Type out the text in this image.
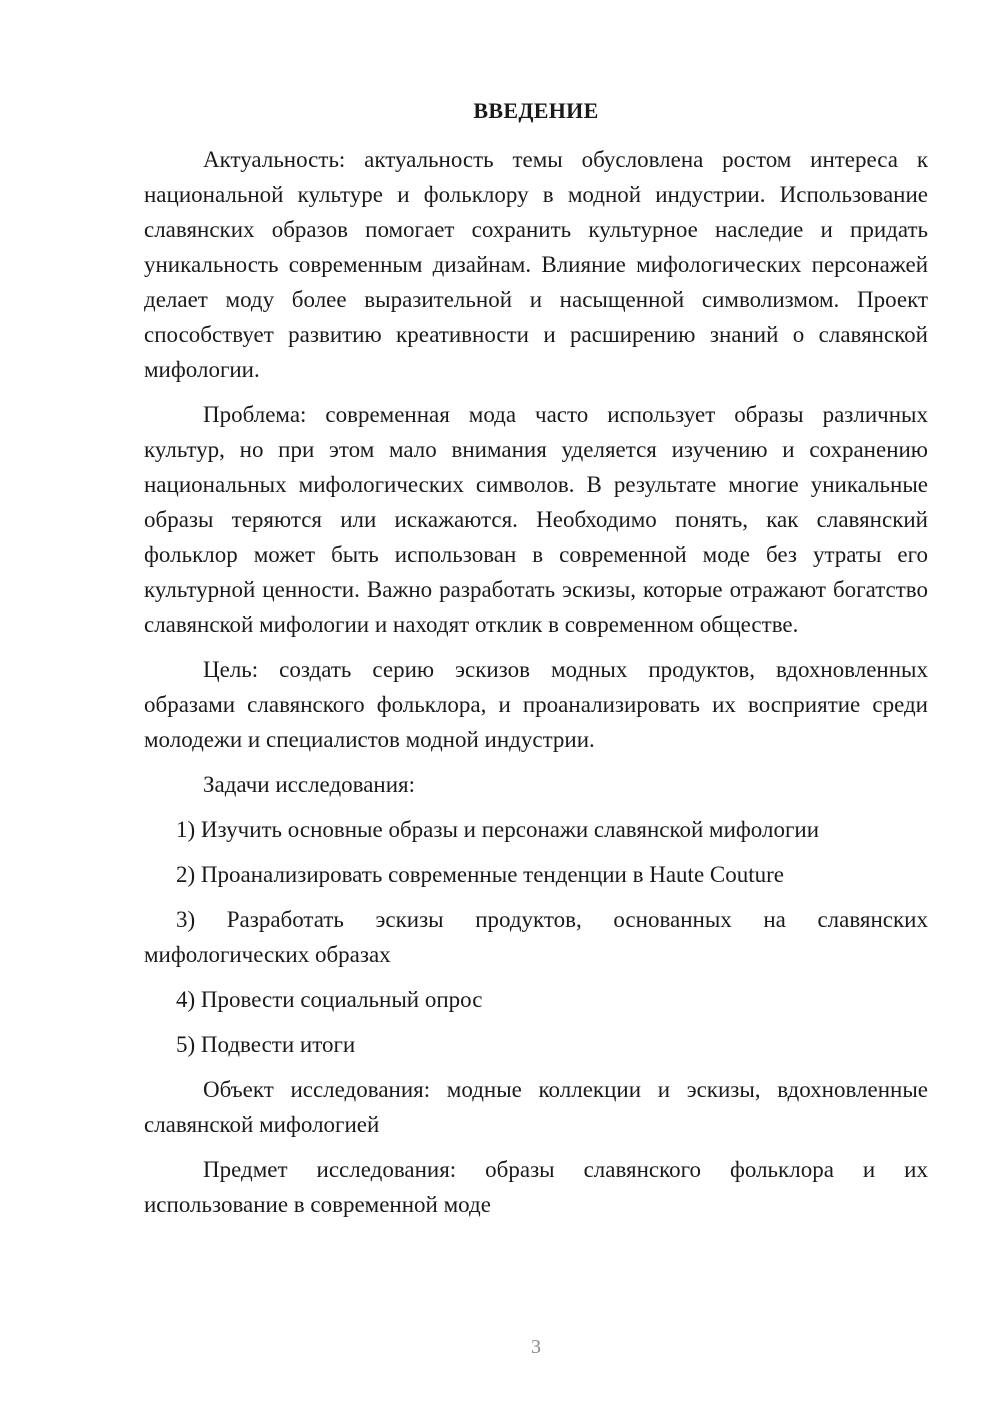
ВВЕДЕНИЕ

Актуальность: актуальность темы обусловлена ростом интереса к национальной культуре и фольклору в модной индустрии. Использование славянских образов помогает сохранить культурное наследие и придать уникальность современным дизайнам. Влияние мифологических персонажей делает моду более выразительной и насыщенной символизмом. Проект способствует развитию креативности и расширению знаний о славянской мифологии.

Проблема: современная мода часто использует образы различных культур, но при этом мало внимания уделяется изучению и сохранению национальных мифологических символов. В результате многие уникальные образы теряются или искажаются. Необходимо понять, как славянский фольклор может быть использован в современной моде без утраты его культурной ценности. Важно разработать эскизы, которые отражают богатство славянской мифологии и находят отклик в современном обществе.

Цель: создать серию эскизов модных продуктов, вдохновленных образами славянского фольклора, и проанализировать их восприятие среди молодежи и специалистов модной индустрии.

Задачи исследования:

1) Изучить основные образы и персонажи славянской мифологии

2) Проанализировать современные тенденции в Haute Couture

3) Разработать эскизы продуктов, основанных на славянских мифологических образах

4) Провести социальный опрос

5) Подвести итоги

Объект исследования: модные коллекции и эскизы, вдохновленные славянской мифологией

Предмет исследования: образы славянского фольклора и их использование в современной моде

3
